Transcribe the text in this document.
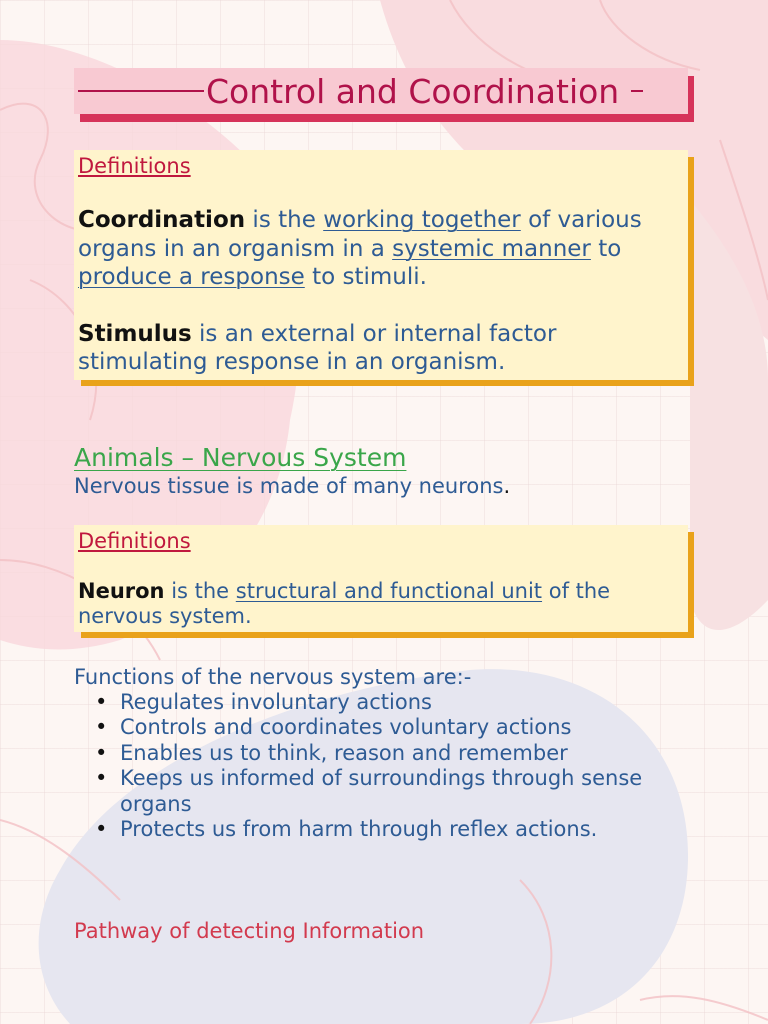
Control and Coordination
Definitions
Coordination is the working together of various organs in an organism in a systemic manner to produce a response to stimuli.
Stimulus is an external or internal factor stimulating response in an organism.
Animals – Nervous System
Nervous tissue is made of many neurons.
Definitions
Neuron is the structural and functional unit of the nervous system.
Functions of the nervous system are:-
• Regulates involuntary actions
• Controls and coordinates voluntary actions
• Enables us to think, reason and remember
• Keeps us informed of surroundings through sense organs
• Protects us from harm through reflex actions.
Pathway of detecting Information
